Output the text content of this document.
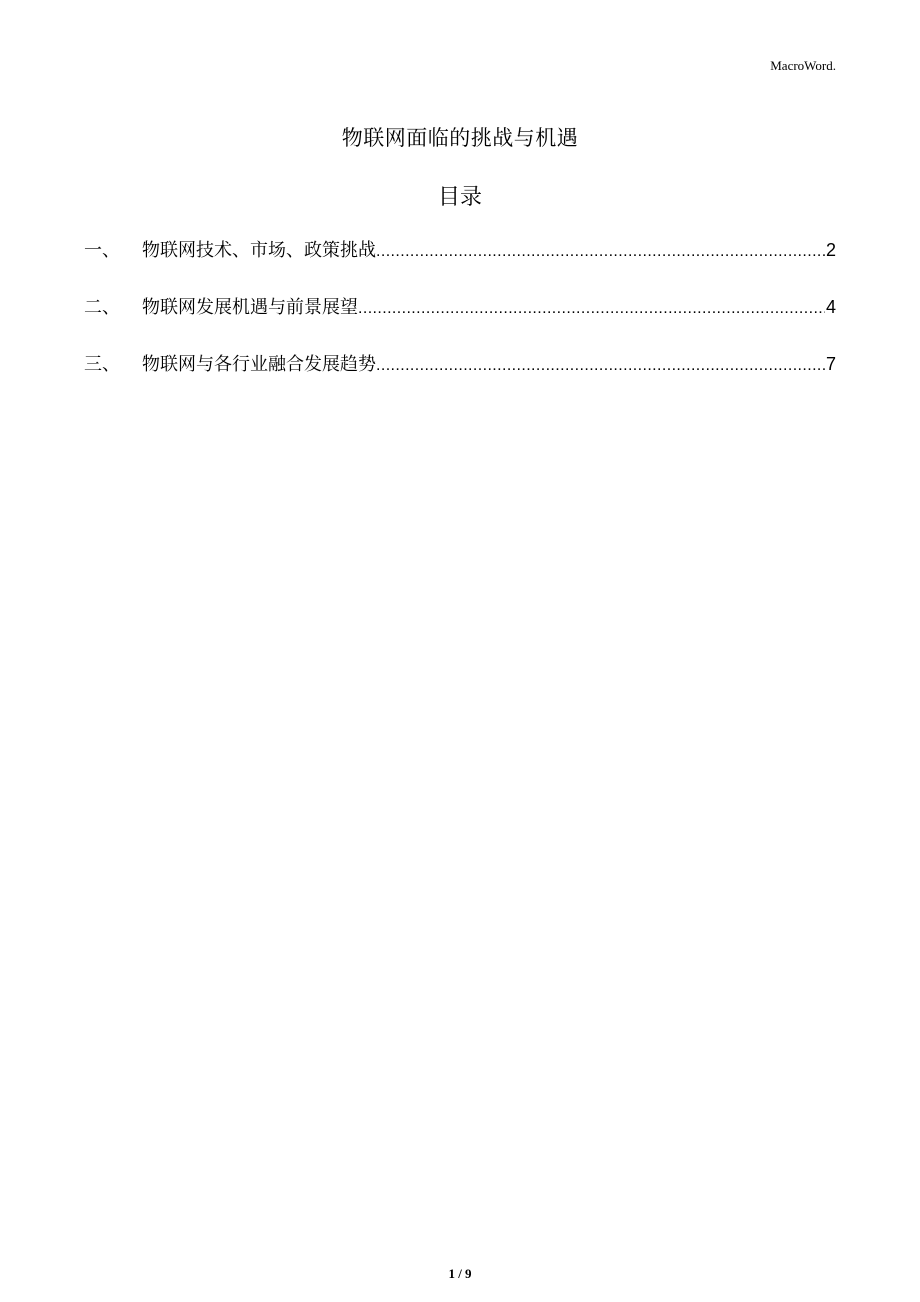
MacroWord.
物联网面临的挑战与机遇
目录
一、	物联网技术、市场、政策挑战 .....	2
二、	物联网发展机遇与前景展望 .....	4
三、	物联网与各行业融合发展趋势 .....	7
1 / 9
